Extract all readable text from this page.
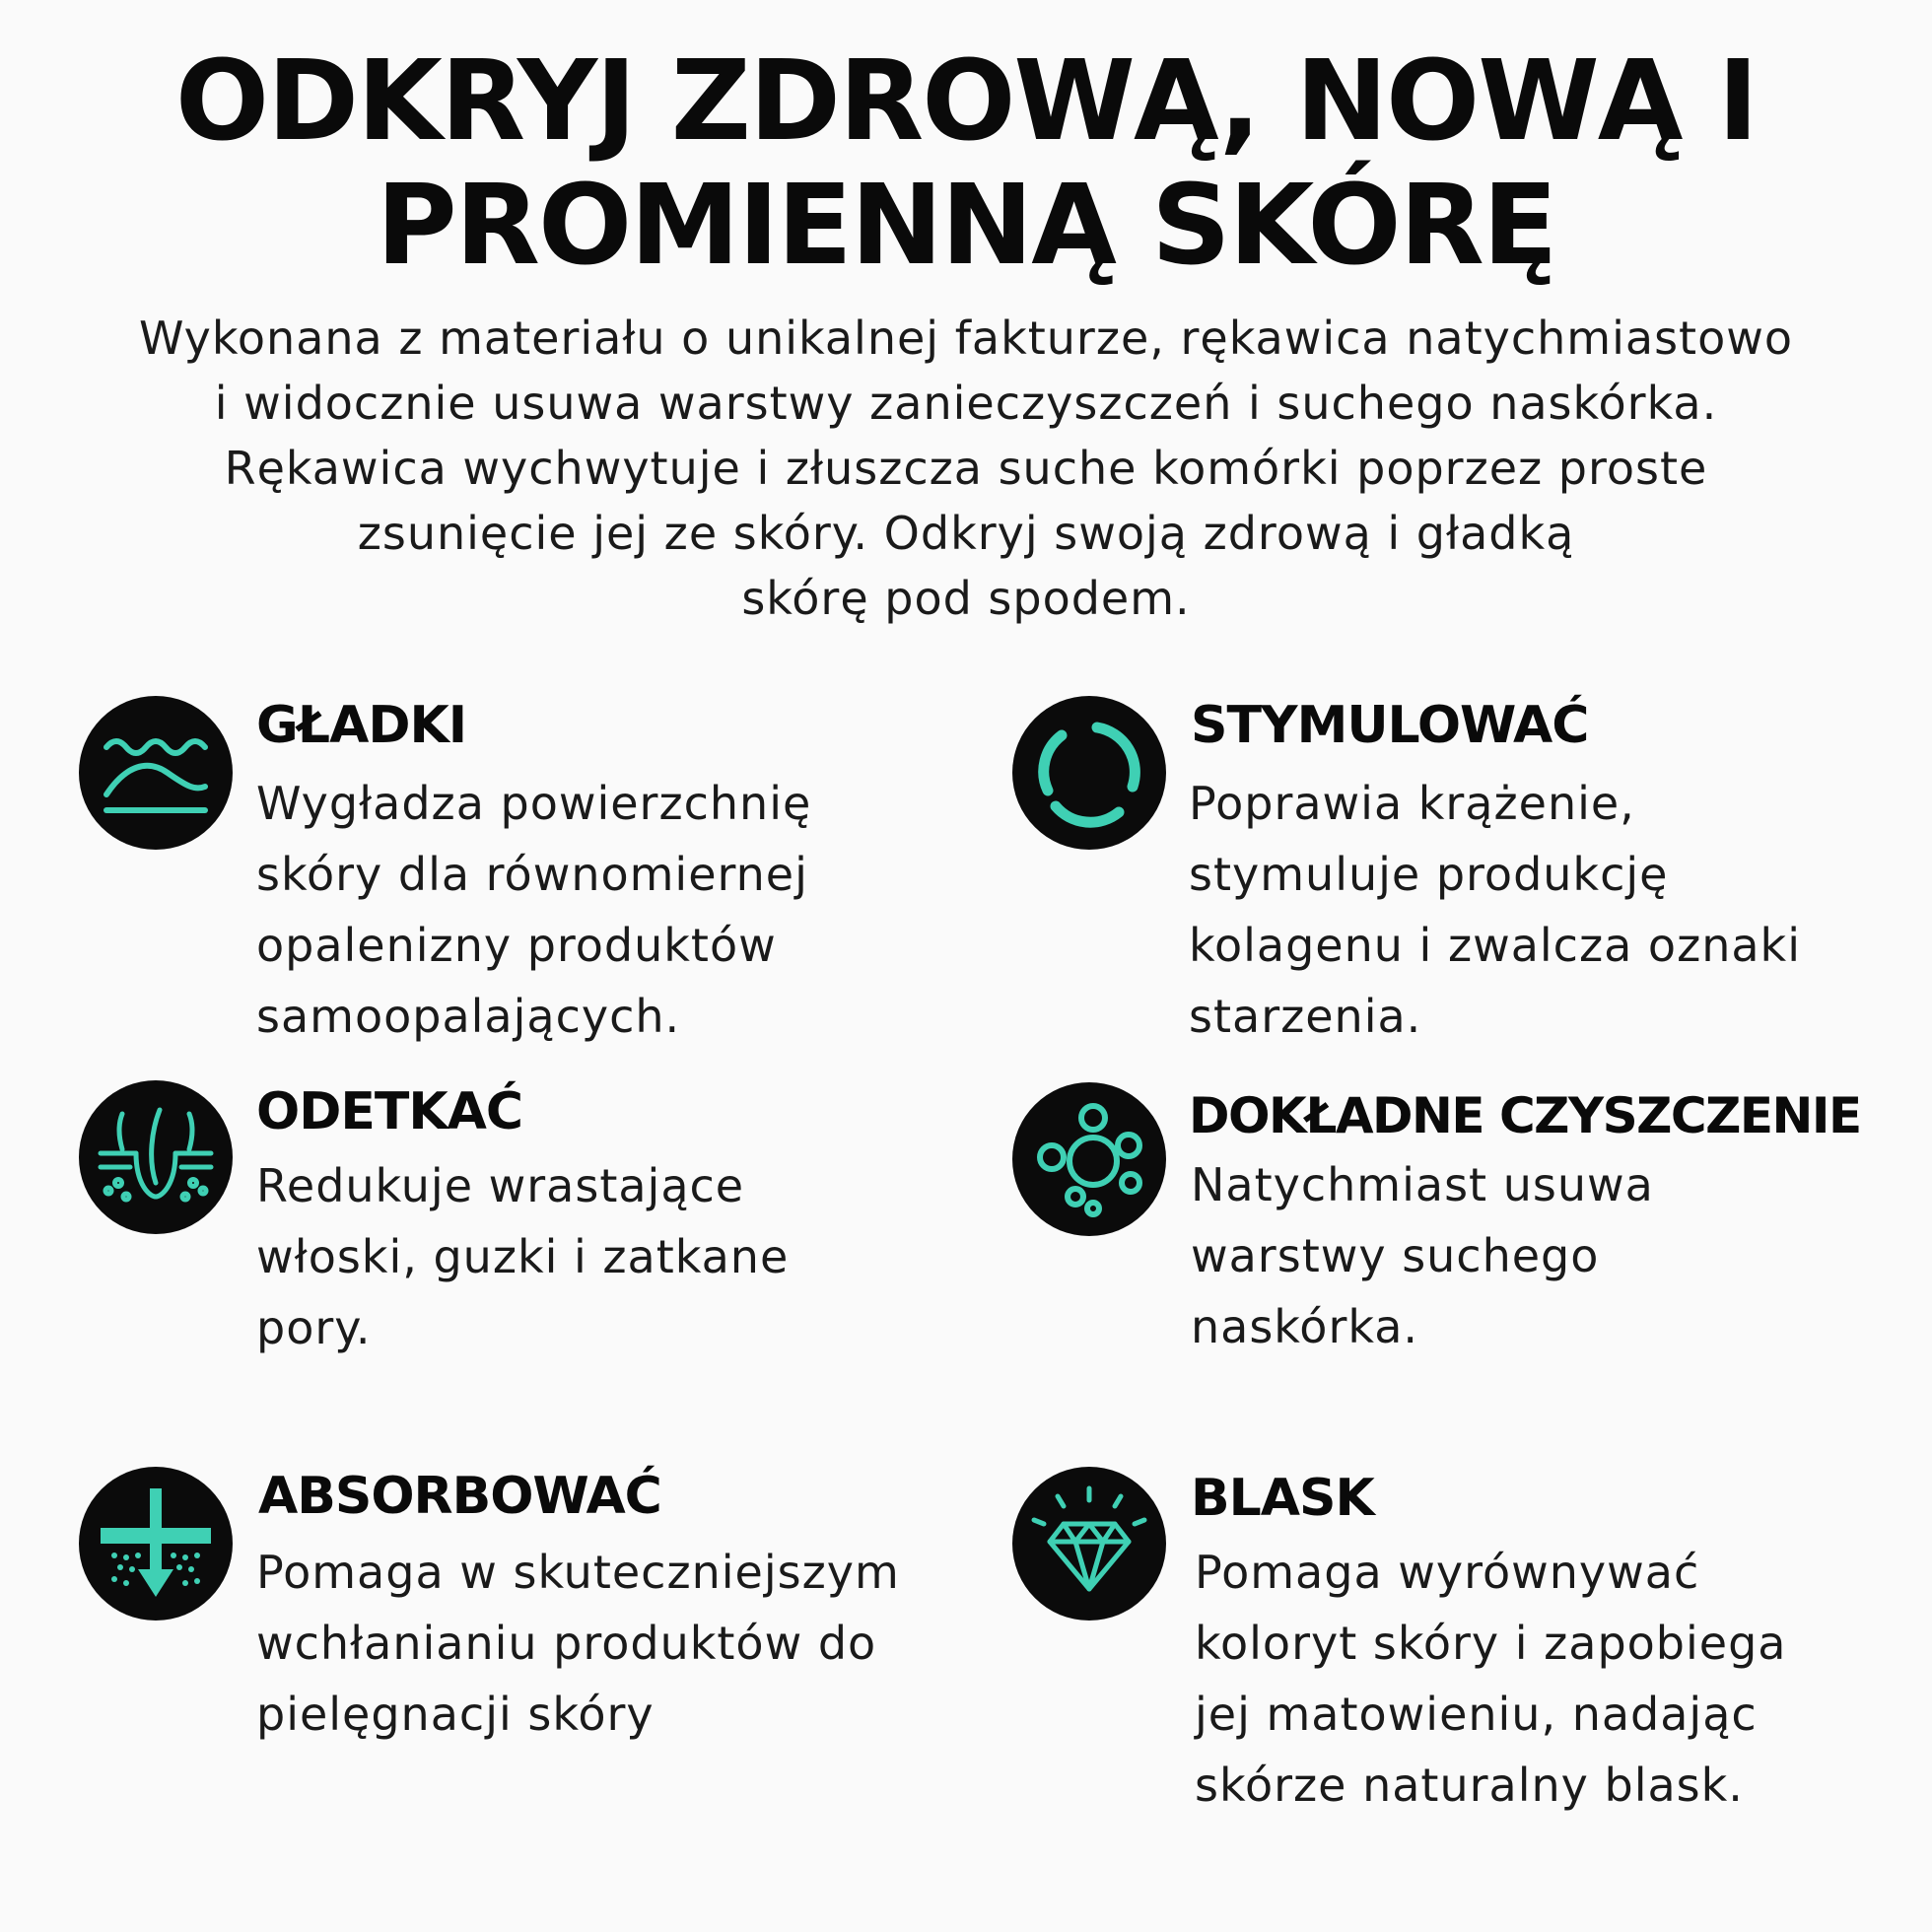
ODKRYJ ZDROWĄ, NOWĄ I
PROMIENNĄ SKÓRĘ

Wykonana z materiału o unikalnej fakturze, rękawica natychmiastowo
i widocznie usuwa warstwy zanieczyszczeń i suchego naskórka.
Rękawica wychwytuje i złuszcza suche komórki poprzez proste
zsunięcie jej ze skóry. Odkryj swoją zdrową i gładką
skórę pod spodem.

GŁADKI

Wygładza powierzchnię
skóry dla równomiernej
opalenizny produktów
samoopalających.

STYMULOWAĆ

Poprawia krążenie,
stymuluje produkcję
kolagenu i zwalcza oznaki
starzenia.

ODETKAĆ

Redukuje wrastające
włoski, guzki i zatkane
pory.

DOKŁADNE CZYSZCZENIE

Natychmiast usuwa
warstwy suchego
naskórka.

ABSORBOWAĆ

Pomaga w skuteczniejszym
wchłanianiu produktów do
pielęgnacji skóry

BLASK

Pomaga wyrównywać
koloryt skóry i zapobiega
jej matowieniu, nadając
skórze naturalny blask.
